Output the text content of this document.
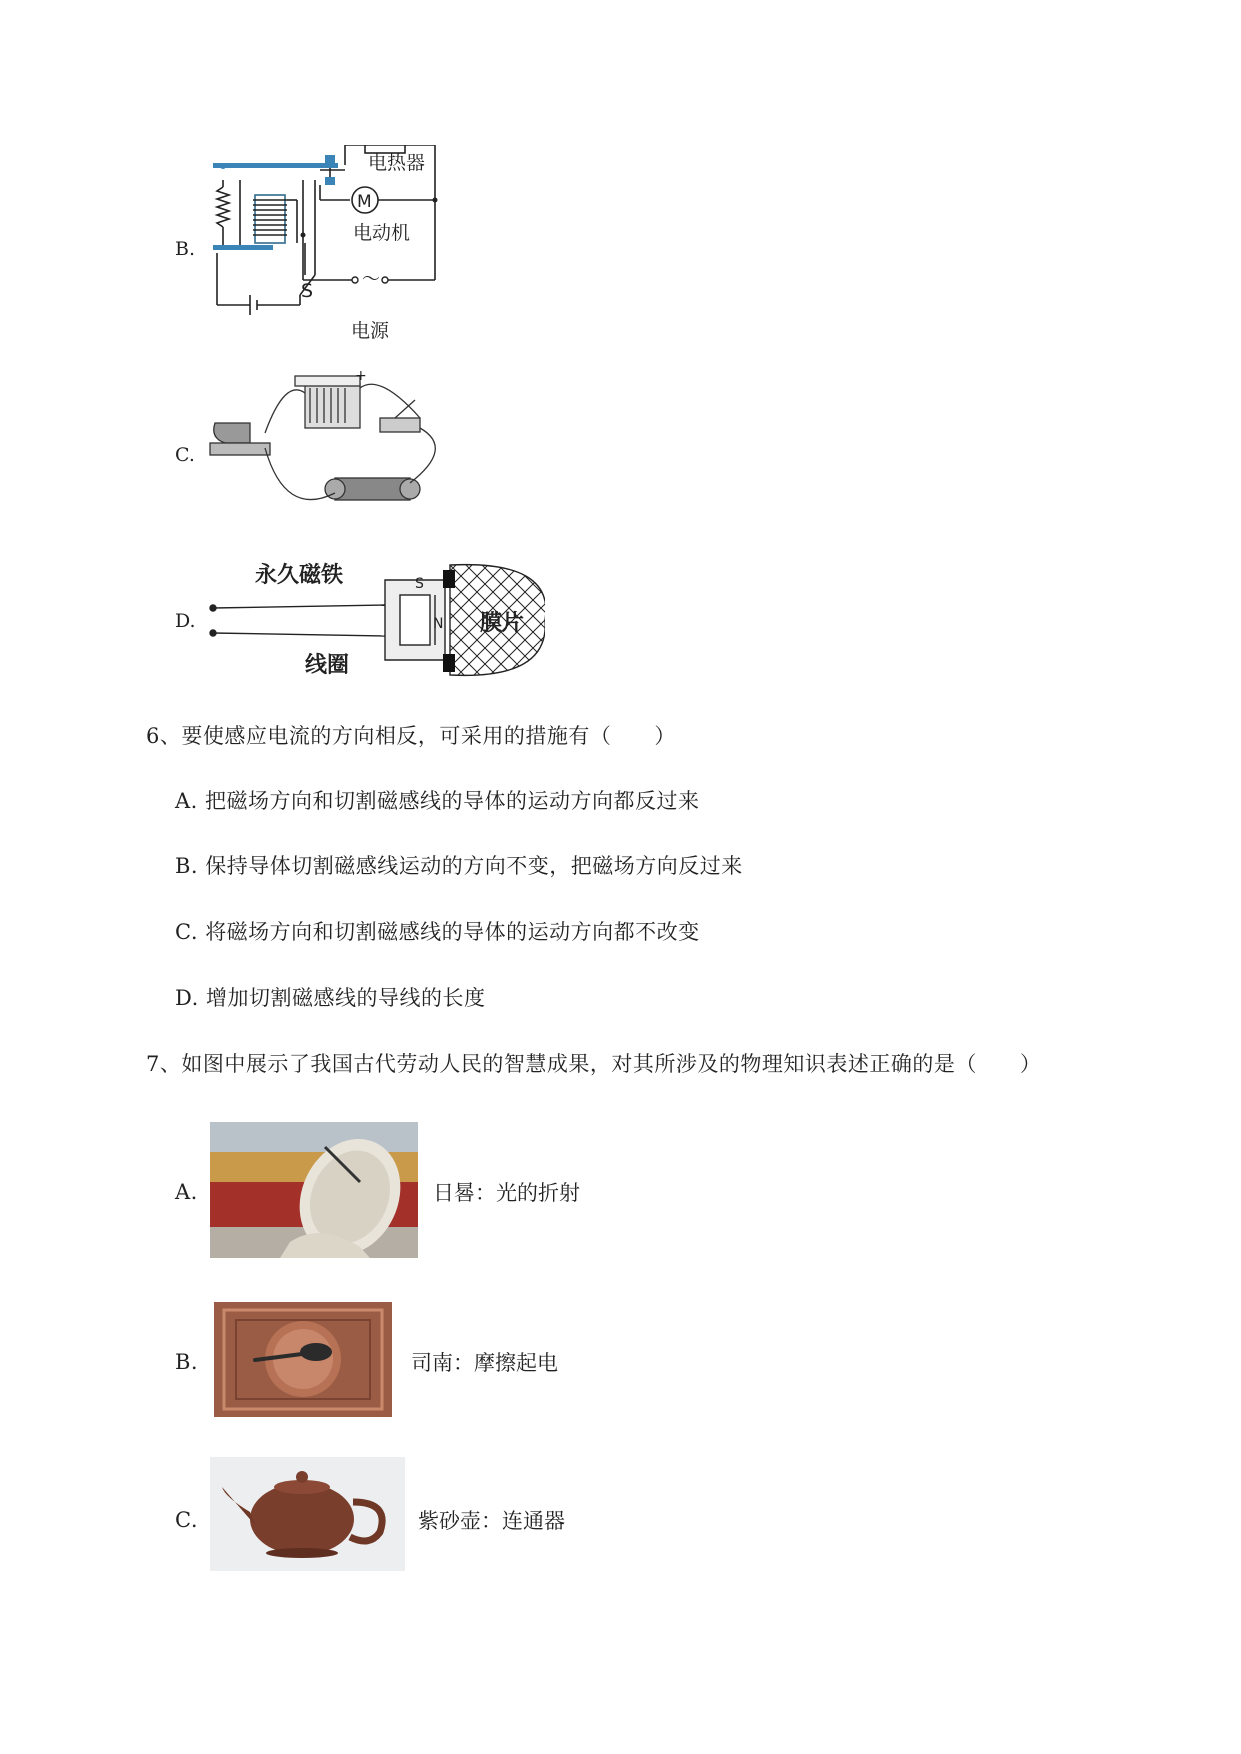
B.
电热器
M
电动机
S
～
电源
C.
+
D.
S
N
永久磁铁
膜片
线圈
6、要使感应电流的方向相反，可采用的措施有（　　）
A. 把磁场方向和切割磁感线的导体的运动方向都反过来
B. 保持导体切割磁感线运动的方向不变，把磁场方向反过来
C. 将磁场方向和切割磁感线的导体的运动方向都不改变
D. 增加切割磁感线的导线的长度
7、如图中展示了我国古代劳动人民的智慧成果，对其所涉及的物理知识表述正确的是（　　）
A.	日晷：光的折射
B.	司南：摩擦起电
C.	紫砂壶：连通器
